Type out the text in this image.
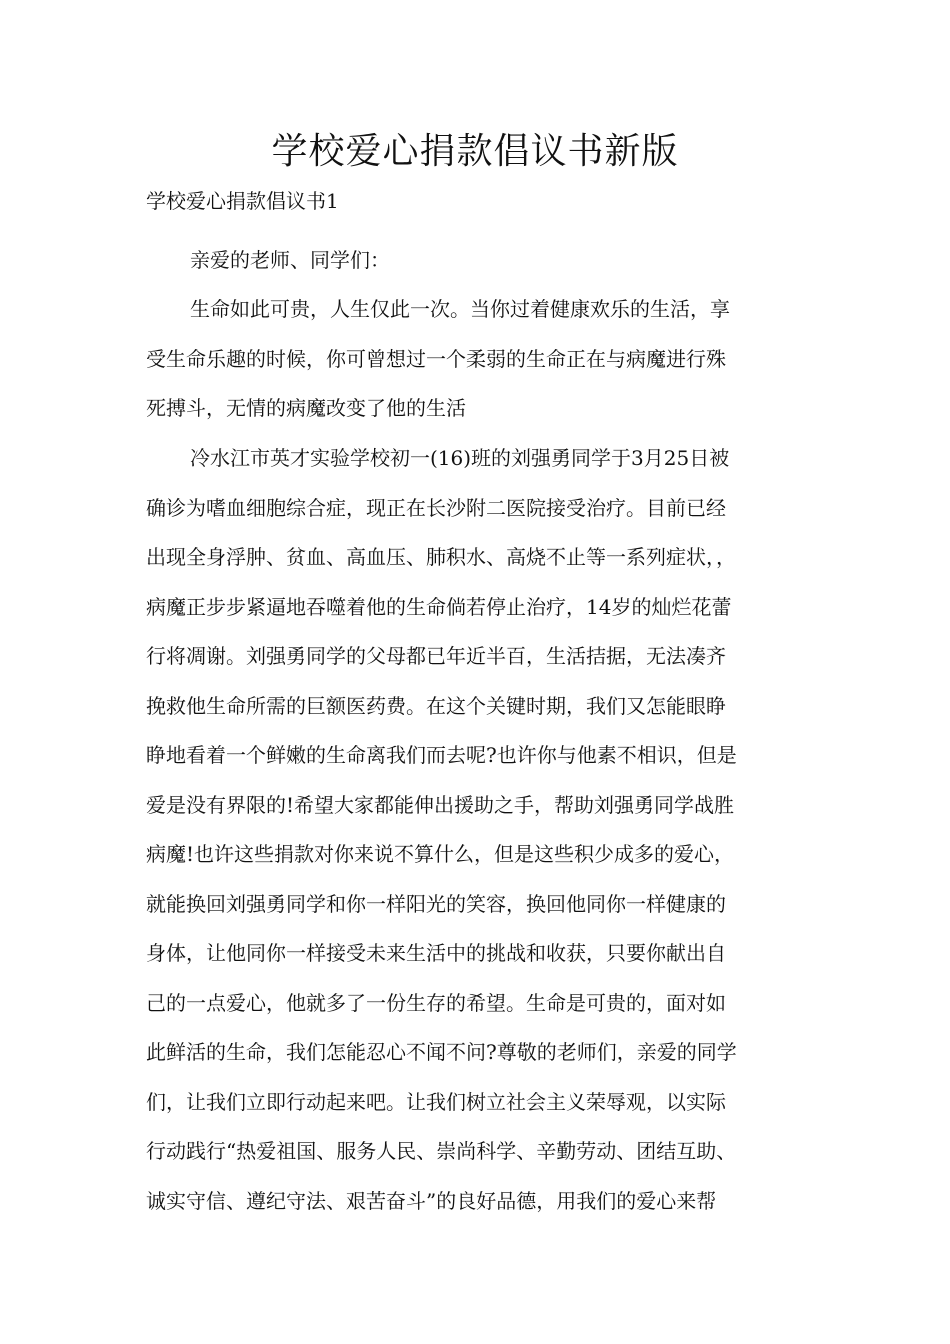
学校爱心捐款倡议书新版

学校爱心捐款倡议书1

亲爱的老师、同学们：

生命如此可贵，人生仅此一次。当你过着健康欢乐的生活，享
受生命乐趣的时候，你可曾想过一个柔弱的生命正在与病魔进行殊
死搏斗，无情的病魔改变了他的生活

冷水江市英才实验学校初一(16)班的刘强勇同学于3月25日被
确诊为嗜血细胞综合症，现正在长沙附二医院接受治疗。目前已经
出现全身浮肿、贫血、高血压、肺积水、高烧不止等一系列症状，，
病魔正步步紧逼地吞噬着他的生命倘若停止治疗，14岁的灿烂花蕾
行将凋谢。刘强勇同学的父母都已年近半百，生活拮据，无法凑齐
挽救他生命所需的巨额医药费。在这个关键时期，我们又怎能眼睁
睁地看着一个鲜嫩的生命离我们而去呢?也许你与他素不相识，但是
爱是没有界限的!希望大家都能伸出援助之手，帮助刘强勇同学战胜
病魔!也许这些捐款对你来说不算什么，但是这些积少成多的爱心，
就能换回刘强勇同学和你一样阳光的笑容，换回他同你一样健康的
身体，让他同你一样接受未来生活中的挑战和收获，只要你献出自
己的一点爱心，他就多了一份生存的希望。生命是可贵的，面对如
此鲜活的生命，我们怎能忍心不闻不问?尊敬的老师们，亲爱的同学
们，让我们立即行动起来吧。让我们树立社会主义荣辱观，以实际
行动践行“热爱祖国、服务人民、崇尚科学、辛勤劳动、团结互助、
诚实守信、遵纪守法、艰苦奋斗”的良好品德，用我们的爱心来帮
